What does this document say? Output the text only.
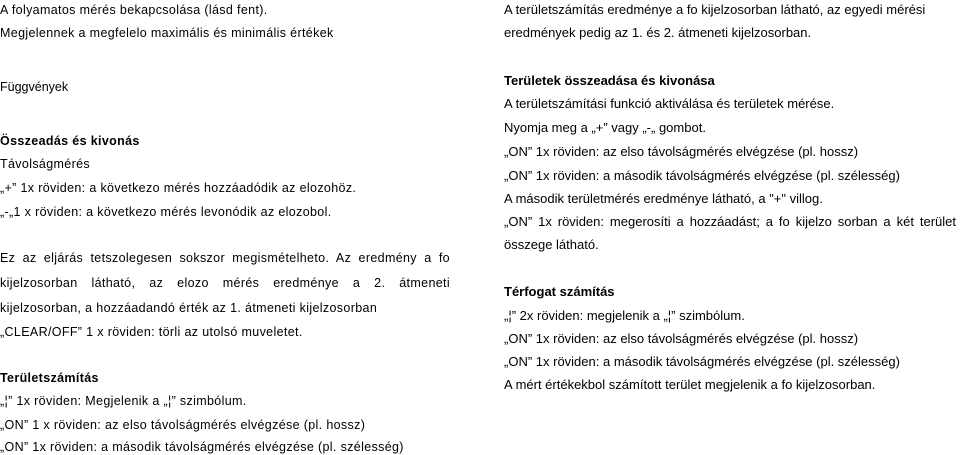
A folyamatos mérés bekapcsolása (lásd fent).
Megjelennek a megfelelo maximális és minimális értékek
Függvények
Összeadás és kivonás
Távolságmérés
„+” 1x röviden: a következo mérés hozzáadódik az elozohöz.
„-„1 x röviden: a következo mérés levonódik az elozobol.
Ez az eljárás tetszolegesen sokszor megismételheto. Az eredmény a fo
kijelzosorban látható, az elozo mérés eredménye a 2. átmeneti
kijelzosorban, a hozzáadandó érték az 1. átmeneti kijelzosorban
„CLEAR/OFF” 1 x röviden: törli az utolsó muveletet.
Területszámítás
„¦” 1x röviden: Megjelenik a „¦” szimbólum.
„ON” 1 x röviden: az elso távolságmérés elvégzése (pl. hossz)
„ON” 1x röviden: a második távolságmérés elvégzése (pl. szélesség)
A területszámítás eredménye a fo kijelzosorban látható, az egyedi mérési
eredmények pedig az 1. és 2. átmeneti kijelzosorban.
Területek összeadása és kivonása
A területszámítási funkció aktiválása és területek mérése.
Nyomja meg a „+” vagy „-„ gombot.
„ON” 1x röviden: az elso távolságmérés elvégzése (pl. hossz)
„ON” 1x röviden: a második távolságmérés elvégzése (pl. szélesség)
A második területmérés eredménye látható, a "+" villog.
„ON” 1x röviden: megerosíti a hozzáadást; a fo kijelzo sorban a két terület
összege látható.
Térfogat számítás
„¦” 2x röviden: megjelenik a „¦” szimbólum.
„ON” 1x röviden: az elso távolságmérés elvégzése (pl. hossz)
„ON” 1x röviden: a második távolságmérés elvégzése (pl. szélesség)
A mért értékekbol számított terület megjelenik a fo kijelzosorban.
